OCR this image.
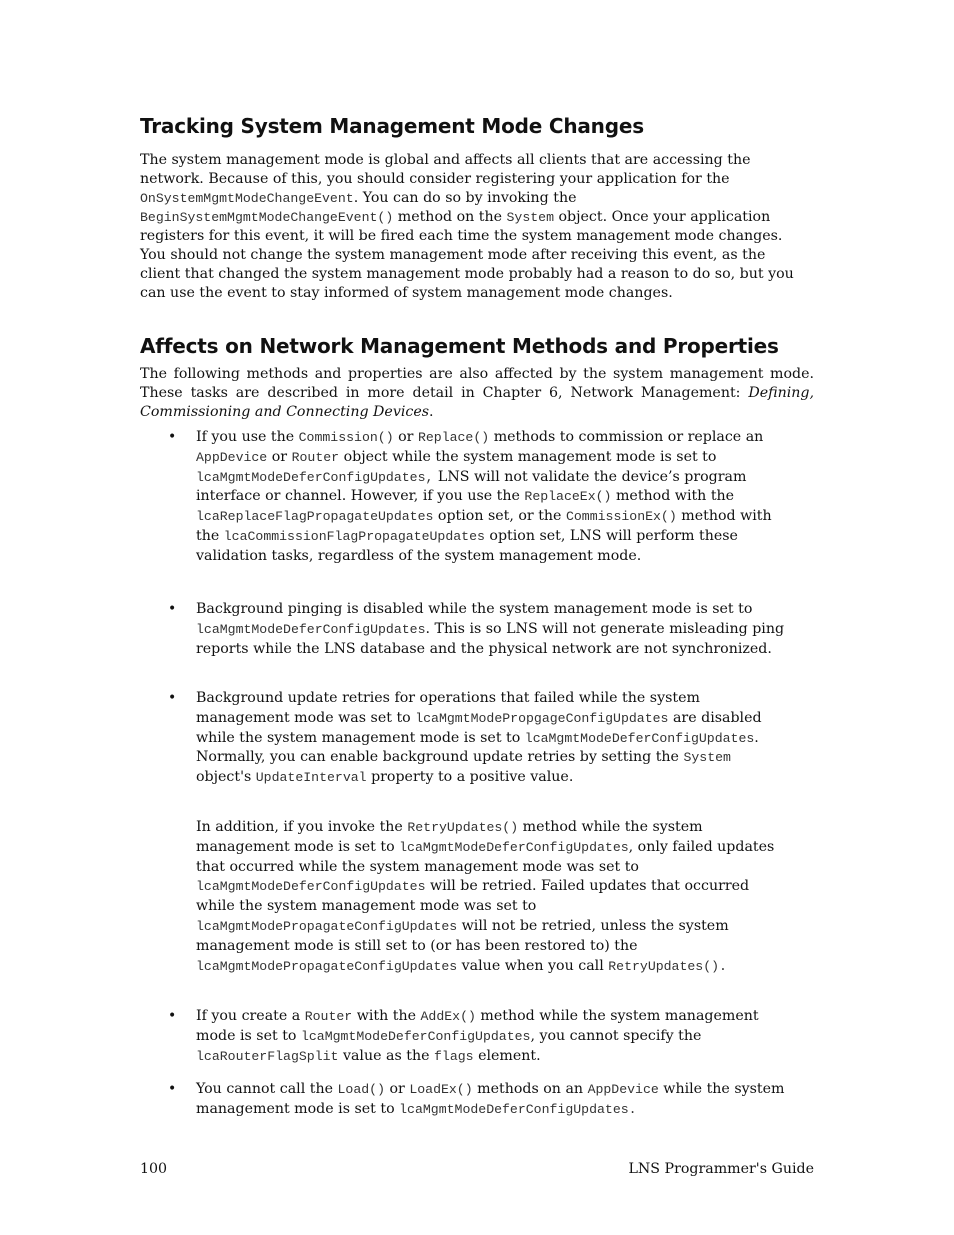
Tracking System Management Mode Changes

The system management mode is global and affects all clients that are accessing the network. Because of this, you should consider registering your application for the OnSystemMgmtModeChangeEvent. You can do so by invoking the BeginSystemMgmtModeChangeEvent() method on the System object. Once your application registers for this event, it will be fired each time the system management mode changes. You should not change the system management mode after receiving this event, as the client that changed the system management mode probably had a reason to do so, but you can use the event to stay informed of system management mode changes.

Affects on Network Management Methods and Properties

The following methods and properties are also affected by the system management mode. These tasks are described in more detail in Chapter 6, Network Management: Defining, Commissioning and Connecting Devices.

• If you use the Commission() or Replace() methods to commission or replace an AppDevice or Router object while the system management mode is set to lcaMgmtModeDeferConfigUpdates, LNS will not validate the device’s program interface or channel. However, if you use the ReplaceEx() method with the lcaReplaceFlagPropagateUpdates option set, or the CommissionEx() method with the lcaCommissionFlagPropagateUpdates option set, LNS will perform these validation tasks, regardless of the system management mode.

• Background pinging is disabled while the system management mode is set to lcaMgmtModeDeferConfigUpdates. This is so LNS will not generate misleading ping reports while the LNS database and the physical network are not synchronized.

• Background update retries for operations that failed while the system management mode was set to lcaMgmtModePropgageConfigUpdates are disabled while the system management mode is set to lcaMgmtModeDeferConfigUpdates. Normally, you can enable background update retries by setting the System object's UpdateInterval property to a positive value.

In addition, if you invoke the RetryUpdates() method while the system management mode is set to lcaMgmtModeDeferConfigUpdates, only failed updates that occurred while the system management mode was set to lcaMgmtModeDeferConfigUpdates will be retried. Failed updates that occurred while the system management mode was set to lcaMgmtModePropagateConfigUpdates will not be retried, unless the system management mode is still set to (or has been restored to) the lcaMgmtModePropagateConfigUpdates value when you call RetryUpdates().

• If you create a Router with the AddEx() method while the system management mode is set to lcaMgmtModeDeferConfigUpdates, you cannot specify the lcaRouterFlagSplit value as the flags element.

• You cannot call the Load() or LoadEx() methods on an AppDevice while the system management mode is set to lcaMgmtModeDeferConfigUpdates.

100	LNS Programmer's Guide
